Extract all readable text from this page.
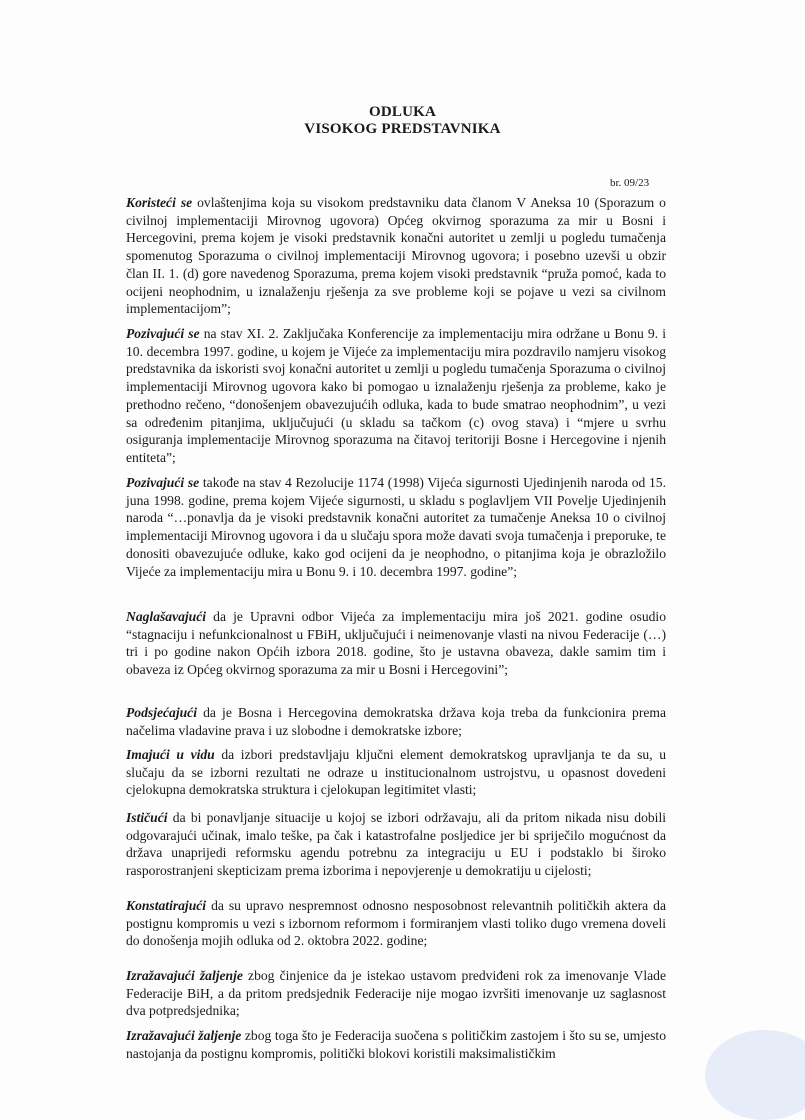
ODLUKA
VISOKOG PREDSTAVNIKA
br. 09/23
Koristeći se ovlaštenjima koja su visokom predstavniku data članom V Aneksa 10 (Sporazum o civilnoj implementaciji Mirovnog ugovora) Općeg okvirnog sporazuma za mir u Bosni i Hercegovini, prema kojem je visoki predstavnik konačni autoritet u zemlji u pogledu tumačenja spomenutog Sporazuma o civilnoj implementaciji Mirovnog ugovora; i posebno uzevši u obzir član II. 1. (d) gore navedenog Sporazuma, prema kojem visoki predstavnik “pruža pomoć, kada to ocijeni neophodnim, u iznalaženju rješenja za sve probleme koji se pojave u vezi sa civilnom implementacijom”;
Pozivajući se na stav XI. 2. Zaključaka Konferencije za implementaciju mira održane u Bonu 9. i 10. decembra 1997. godine, u kojem je Vijeće za implementaciju mira pozdravilo namjeru visokog predstavnika da iskoristi svoj konačni autoritet u zemlji u pogledu tumačenja Sporazuma o civilnoj implementaciji Mirovnog ugovora kako bi pomogao u iznalaženju rješenja za probleme, kako je prethodno rečeno, “donošenjem obavezujućih odluka, kada to bude smatrao neophodnim”, u vezi sa određenim pitanjima, uključujući (u skladu sa tačkom (c) ovog stava) i “mjere u svrhu osiguranja implementacije Mirovnog sporazuma na čitavoj teritoriji Bosne i Hercegovine i njenih entiteta”;
Pozivajući se takođe na stav 4 Rezolucije 1174 (1998) Vijeća sigurnosti Ujedinjenih naroda od 15. juna 1998. godine, prema kojem Vijeće sigurnosti, u skladu s poglavljem VII Povelje Ujedinjenih naroda “…ponavlja da je visoki predstavnik konačni autoritet za tumačenje Aneksa 10 o civilnoj implementaciji Mirovnog ugovora i da u slučaju spora može davati svoja tumačenja i preporuke, te donositi obavezujuće odluke, kako god ocijeni da je neophodno, o pitanjima koja je obrazložilo Vijeće za implementaciju mira u Bonu 9. i 10. decembra 1997. godine”;
Naglašavajući da je Upravni odbor Vijeća za implementaciju mira još 2021. godine osudio “stagnaciju i nefunkcionalnost u FBiH, uključujući i neimenovanje vlasti na nivou Federacije (…) tri i po godine nakon Općih izbora 2018. godine, što je ustavna obaveza, dakle samim tim i obaveza iz Općeg okvirnog sporazuma za mir u Bosni i Hercegovini”;
Podsjećajući da je Bosna i Hercegovina demokratska država koja treba da funkcionira prema načelima vladavine prava i uz slobodne i demokratske izbore;
Imajući u vidu da izbori predstavljaju ključni element demokratskog upravljanja te da su, u slučaju da se izborni rezultati ne odraze u institucionalnom ustrojstvu, u opasnost dovedeni cjelokupna demokratska struktura i cjelokupan legitimitet vlasti;
Ističući da bi ponavljanje situacije u kojoj se izbori održavaju, ali da pritom nikada nisu dobili odgovarajući učinak, imalo teške, pa čak i katastrofalne posljedice jer bi spriječilo mogućnost da država unaprijedi reformsku agendu potrebnu za integraciju u EU i podstaklo bi široko rasporostranjeni skepticizam prema izborima i nepovjerenje u demokratiju u cijelosti;
Konstatirajući da su upravo nespremnost odnosno nesposobnost relevantnih političkih aktera da postignu kompromis u vezi s izbornom reformom i formiranjem vlasti toliko dugo vremena doveli do donošenja mojih odluka od 2. oktobra 2022. godine;
Izražavajući žaljenje zbog činjenice da je istekao ustavom predviđeni rok za imenovanje Vlade Federacije BiH, a da pritom predsjednik Federacije nije mogao izvršiti imenovanje uz saglasnost dva potpredsjednika;
Izražavajući žaljenje zbog toga što je Federacija suočena s političkim zastojem i što su se, umjesto nastojanja da postignu kompromis, politički blokovi koristili maksimalističkim
